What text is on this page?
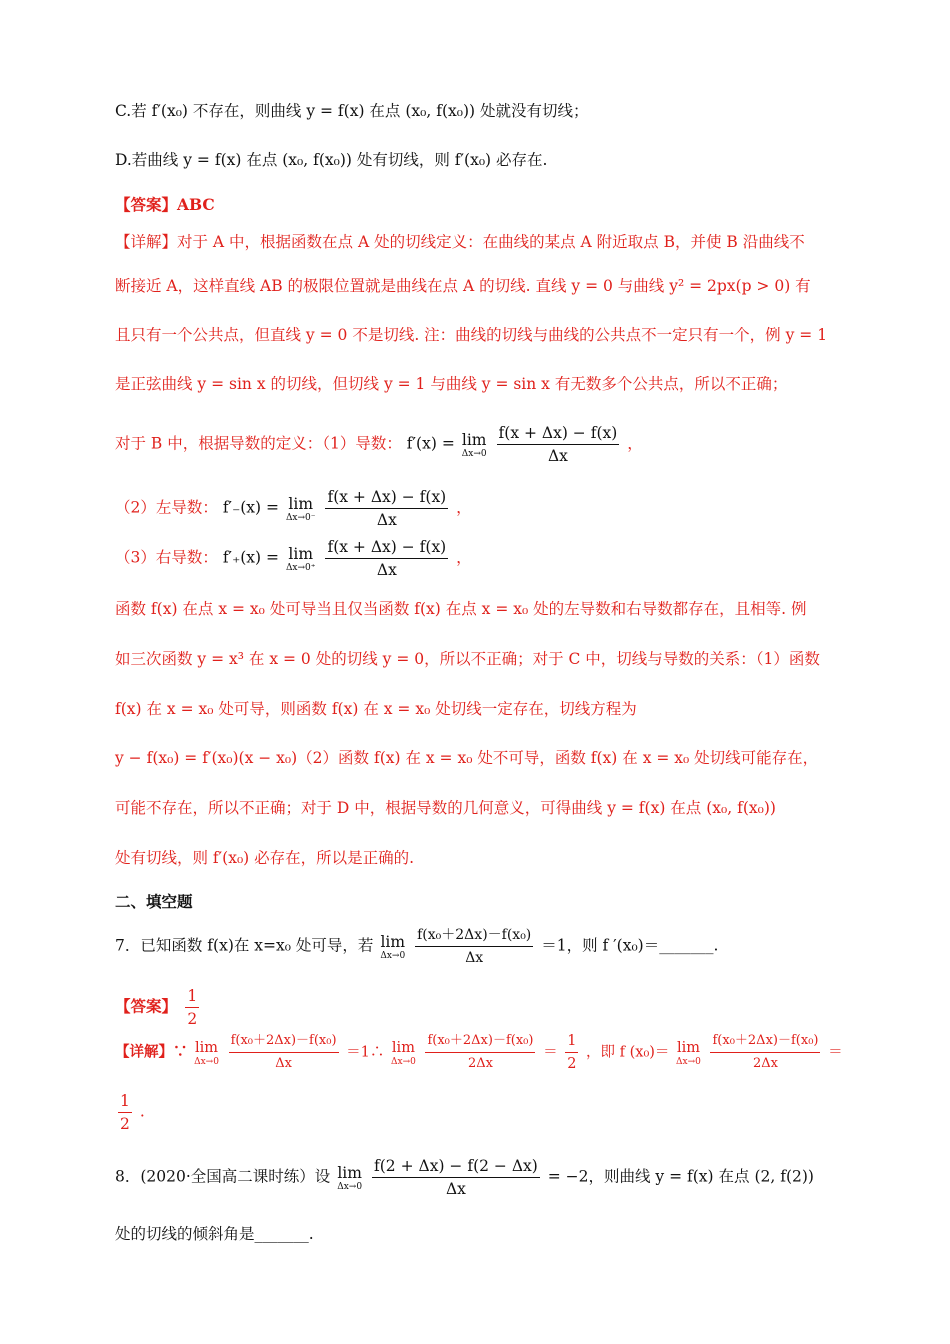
C.若 f′(x₀) 不存在，则曲线 y = f(x) 在点 (x₀, f(x₀)) 处就没有切线；
D.若曲线 y = f(x) 在点 (x₀, f(x₀)) 处有切线，则 f′(x₀) 必存在.
【答案】ABC
【详解】对于 A 中，根据函数在点 A 处的切线定义：在曲线的某点 A 附近取点 B，并使 B 沿曲线不
断接近 A，这样直线 AB 的极限位置就是曲线在点 A 的切线. 直线 y = 0 与曲线 y² = 2px(p > 0) 有
且只有一个公共点，但直线 y = 0 不是切线. 注：曲线的切线与曲线的公共点不一定只有一个，例 y = 1
是正弦曲线 y = sin x 的切线，但切线 y = 1 与曲线 y = sin x 有无数多个公共点，所以不正确；
对于 B 中，根据导数的定义：（1）导数： f′(x) = lim
Δx→0
$\frac{f(x + \Delta x) - f(x)}{\Delta x}$ ，
（2）左导数： f′₋(x) = lim
Δx→0⁻
$\frac{f(x + \Delta x) - f(x)}{\Delta x}$ ，
（3）右导数： f′₊(x) = lim
Δx→0⁺
$\frac{f(x + \Delta x) - f(x)}{\Delta x}$ ，
函数 f(x) 在点 x = x₀ 处可导当且仅当函数 f(x) 在点 x = x₀ 处的左导数和右导数都存在，且相等. 例
如三次函数 y = x³ 在 x = 0 处的切线 y = 0，所以不正确；对于 C 中，切线与导数的关系：（1）函数
f(x) 在 x = x₀ 处可导，则函数 f(x) 在 x = x₀ 处切线一定存在，切线方程为
y − f(x₀) = f′(x₀)(x − x₀)（2）函数 f(x) 在 x = x₀ 处不可导，函数 f(x) 在 x = x₀ 处切线可能存在，
可能不存在，所以不正确；对于 D 中，根据导数的几何意义，可得曲线 y = f(x) 在点 (x₀, f(x₀))
处有切线，则 f′(x₀) 必存在，所以是正确的.
二、填空题
7．已知函数 f(x)在 x=x₀ 处可导，若 lim
Δx→0
$\frac{\text{f(x₀＋2Δx)－f(x₀)}}{\Delta x} =1$，则 f ′(x₀)＝_______.
【答案】 $\frac{1}{2}$
【详解】∵ lim
Δx→0
$\frac{\text{f(x₀＋2Δx)－f(x₀)}}{\Delta x}$ ＝1∴ lim
Δx→0
$\frac{\text{f(x₀＋2Δx)－f(x₀)}}{2\Delta x} = \frac{1}{2}$ ，即 f (x₀)＝ lim
Δx→0
$\frac{\text{f(x₀＋2Δx)－f(x₀)}}{2\Delta x}$ ＝
$\frac{1}{2}$ .
8．(2020·全国高二课时练）设 lim
Δx→0
$\frac{f(2 + \Delta x) - f(2 - \Delta x)}{\Delta x} = -2$，则曲线 y = f(x) 在点 (2, f(2))
处的切线的倾斜角是_______.
